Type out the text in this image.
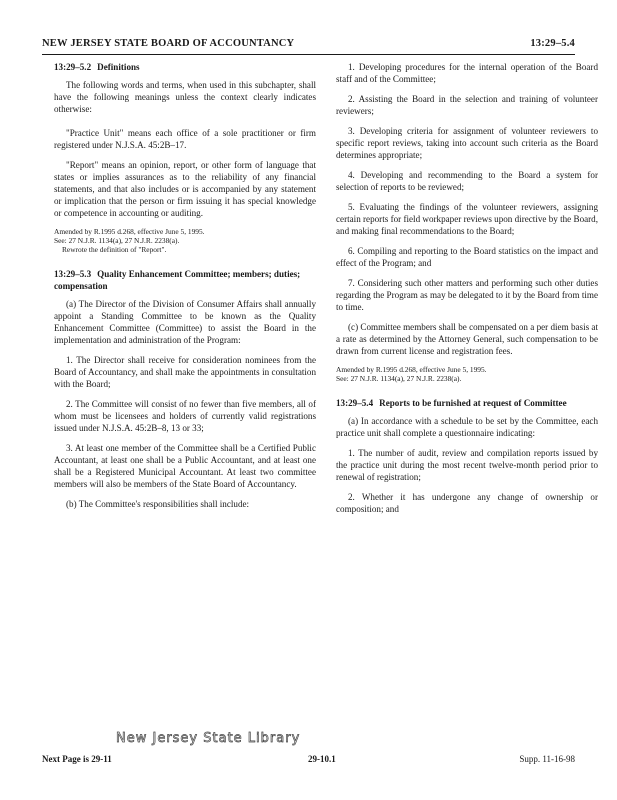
NEW JERSEY STATE BOARD OF ACCOUNTANCY	13:29–5.4

13:29–5.2 Definitions

The following words and terms, when used in this subchapter, shall have the following meanings unless the context clearly indicates otherwise:

"Practice Unit" means each office of a sole practitioner or firm registered under N.J.S.A. 45:2B–17.

"Report" means an opinion, report, or other form of language that states or implies assurances as to the reliability of any financial statements, and that also includes or is accompanied by any statement or implication that the person or firm issuing it has special knowledge or competence in accounting or auditing.

Amended by R.1995 d.268, effective June 5, 1995.
See: 27 N.J.R. 1134(a), 27 N.J.R. 2238(a).
Rewrote the definition of "Report".

13:29–5.3 Quality Enhancement Committee; members; duties; compensation

(a) The Director of the Division of Consumer Affairs shall annually appoint a Standing Committee to be known as the Quality Enhancement Committee (Committee) to assist the Board in the implementation and administration of the Program:

1. The Director shall receive for consideration nominees from the Board of Accountancy, and shall make the appointments in consultation with the Board;

2. The Committee will consist of no fewer than five members, all of whom must be licensees and holders of currently valid registrations issued under N.J.S.A. 45:2B–8, 13 or 33;

3. At least one member of the Committee shall be a Certified Public Accountant, at least one shall be a Public Accountant, and at least one shall be a Registered Municipal Accountant. At least two committee members will also be members of the State Board of Accountancy.

(b) The Committee's responsibilities shall include:

1. Developing procedures for the internal operation of the Board staff and of the Committee;

2. Assisting the Board in the selection and training of volunteer reviewers;

3. Developing criteria for assignment of volunteer reviewers to specific report reviews, taking into account such criteria as the Board determines appropriate;

4. Developing and recommending to the Board a system for selection of reports to be reviewed;

5. Evaluating the findings of the volunteer reviewers, assigning certain reports for field workpaper reviews upon directive by the Board, and making final recommendations to the Board;

6. Compiling and reporting to the Board statistics on the impact and effect of the Program; and

7. Considering such other matters and performing such other duties regarding the Program as may be delegated to it by the Board from time to time.

(c) Committee members shall be compensated on a per diem basis at a rate as determined by the Attorney General, such compensation to be drawn from current license and registration fees.

Amended by R.1995 d.268, effective June 5, 1995.
See: 27 N.J.R. 1134(a), 27 N.J.R. 2238(a).

13:29–5.4 Reports to be furnished at request of Committee

(a) In accordance with a schedule to be set by the Committee, each practice unit shall complete a questionnaire indicating:

1. The number of audit, review and compilation reports issued by the practice unit during the most recent twelve-month period prior to renewal of registration;

2. Whether it has undergone any change of ownership or composition; and

New Jersey State Library
Next Page is 29-11	29-10.1	Supp. 11-16-98
